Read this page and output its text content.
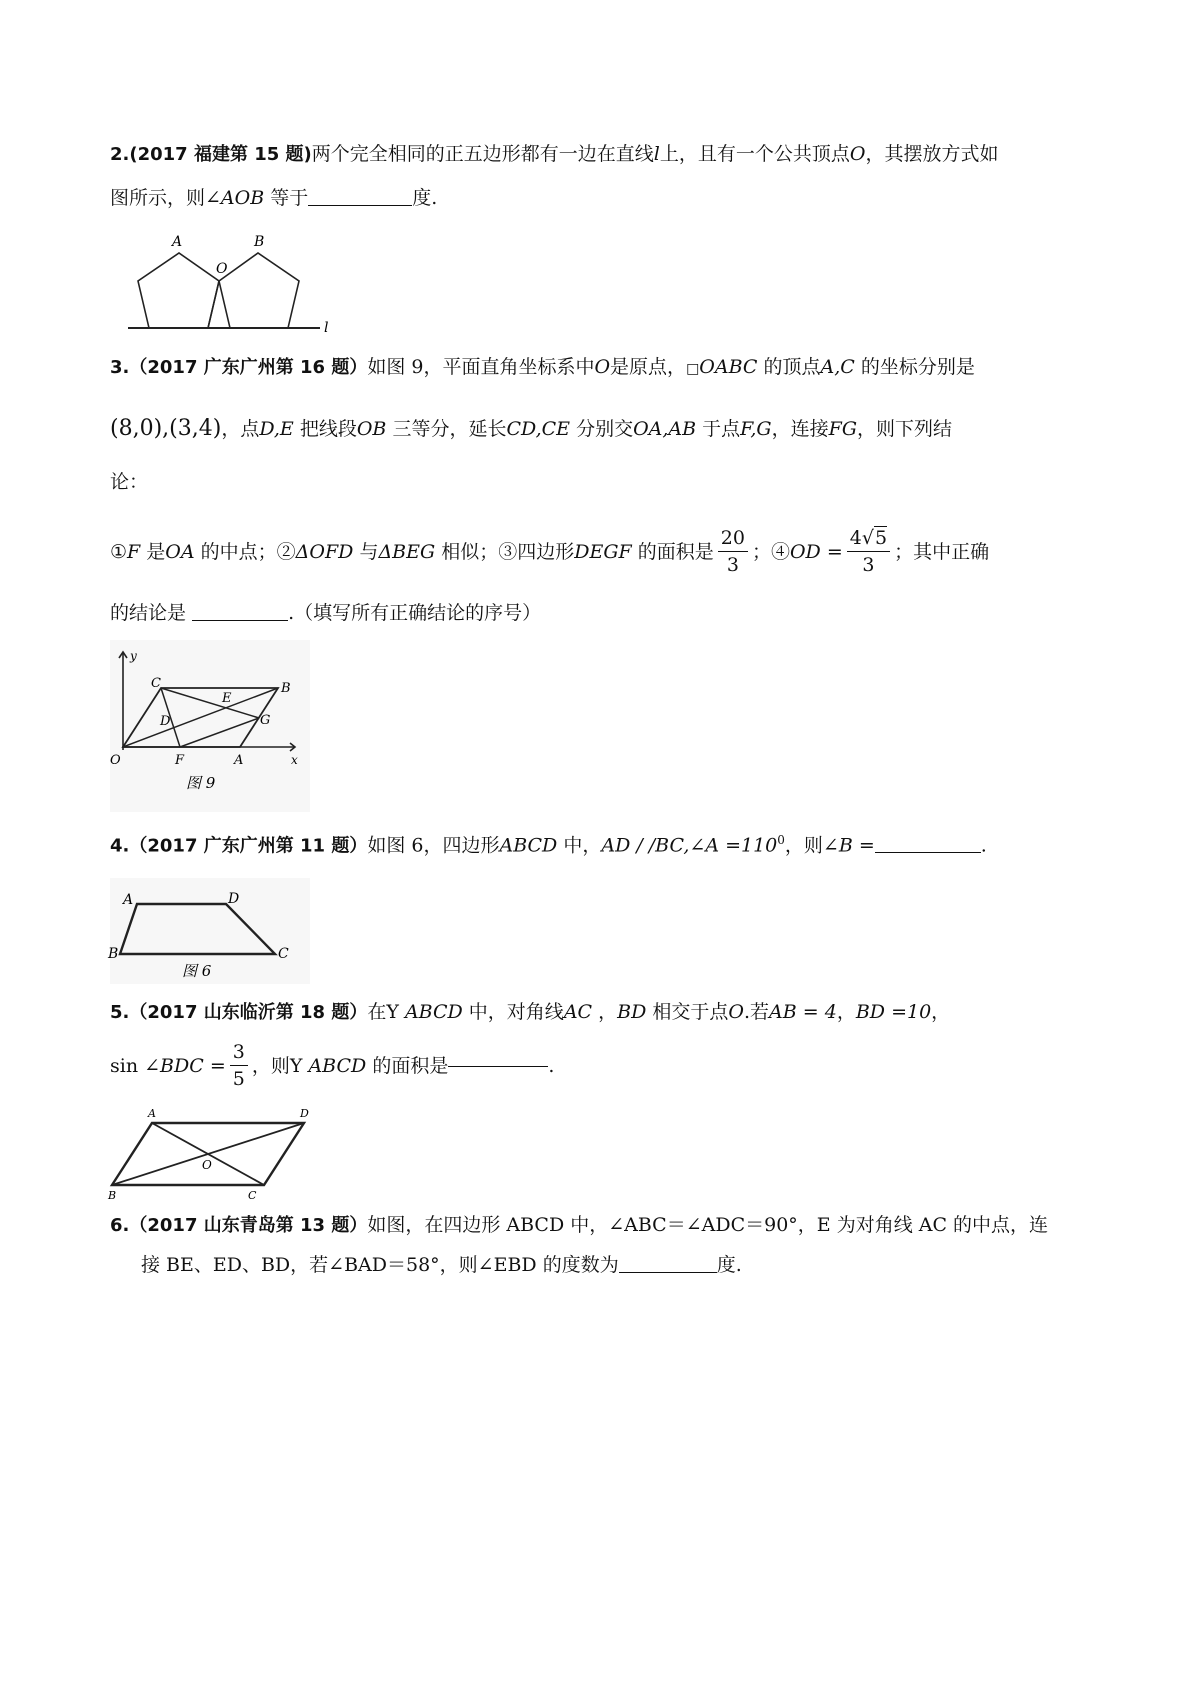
2.(2017 福建第 15 题)两个完全相同的正五边形都有一边在直线l上，且有一个公共顶点O，其摆放方式如
图所示，则∠AOB 等于	度.
A	B
O
l
3.（2017 广东广州第 16 题）如图 9，平面直角坐标系中O是原点，□OABC 的顶点A,C 的坐标分别是
(8,0),(3,4)，点D,E 把线段OB 三等分，延长CD,CE 分别交OA,AB 于点F,G，连接FG，则下列结
论：
① F
是 OA
的中点；② ΔOFD
与 ΔBEG
相似；③四边形 DEGF
的面积是 $\frac{20}{3}$ ；④ OD
= $\frac{4√5}{3}$ ；其中正确
的结论是	.（填写所有正确结论的序号）
y
x
O
C	B
E
D	G
F	A
图 9
4.（2017 广东广州第 11 题）如图 6，四边形ABCD 中，AD / /BC,∠A $=110^0$，则∠B =	.
A	D
B	C
图 6
5.（2017 山东临沂第 18 题）在Y ABCD 中，对角线AC ，BD 相交于点O.若AB = 4，BD =10，
sin
∠BDC = $\frac{3}{5}$ ，则 Y
ABCD
的面积是	.
A	D
B	C
O
6.（2017 山东青岛第 13 题）如图，在四边形 ABCD 中，∠ABC＝∠ADC＝90°，E 为对角线 AC 的中点，连
接 BE、ED、BD，若∠BAD＝58°，则∠EBD 的度数为	度.
